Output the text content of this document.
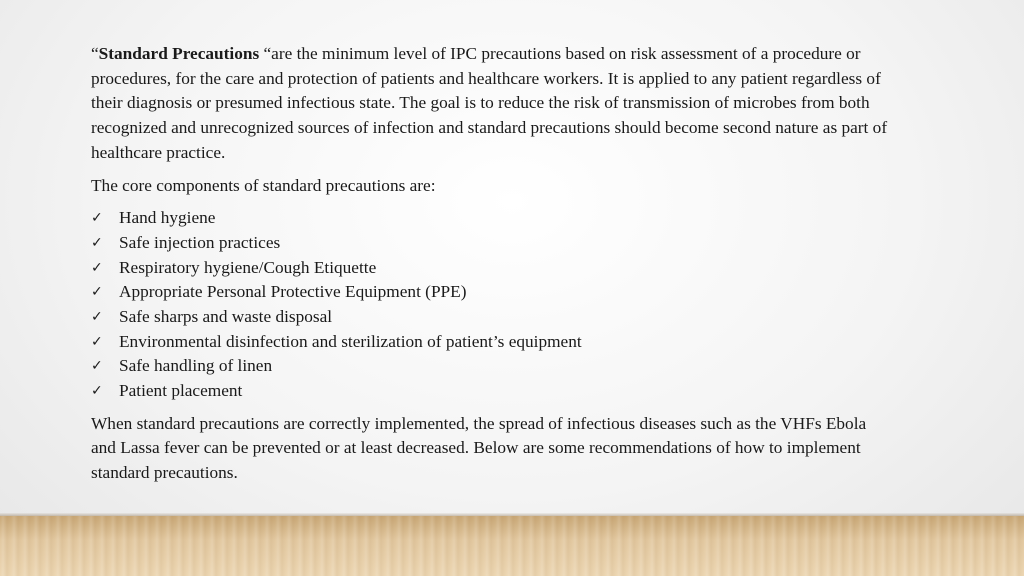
“Standard Precautions “are the minimum level of IPC precautions based on risk assessment of a procedure or procedures, for the care and protection of patients and healthcare workers. It is applied to any patient regardless of their diagnosis or presumed infectious state. The goal is to reduce the risk of transmission of microbes from both recognized and unrecognized sources of infection and standard precautions should become second nature as part of healthcare practice.

The core components of standard precautions are:

✓ Hand hygiene
✓ Safe injection practices
✓ Respiratory hygiene/Cough Etiquette
✓ Appropriate Personal Protective Equipment (PPE)
✓ Safe sharps and waste disposal
✓ Environmental disinfection and sterilization of patient’s equipment
✓ Safe handling of linen
✓ Patient placement

When standard precautions are correctly implemented, the spread of infectious diseases such as the VHFs Ebola and Lassa fever can be prevented or at least decreased. Below are some recommendations of how to implement standard precautions.
